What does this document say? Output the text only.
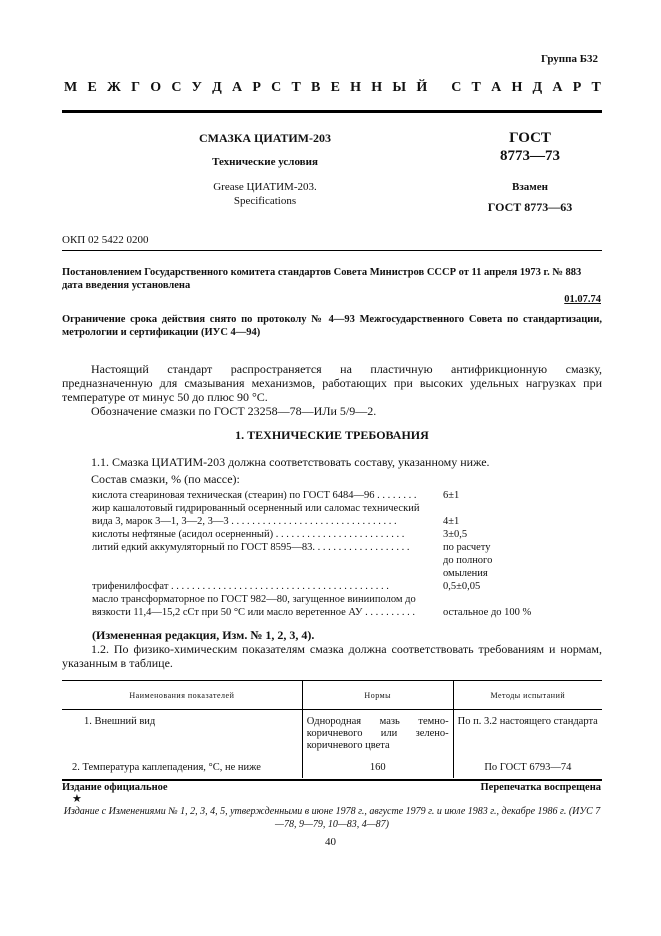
Группа Б32
М Е Ж Г О С У Д А Р С Т В Е Н Н Ы Й
С Т А Н Д А Р Т
СМАЗКА ЦИАТИМ-203
Технические условия
Grease ЦИАТИМ-203.
Specifications
ГОСТ
8773—73
Взамен
ГОСТ 8773—63
ОКП 02 5422 0200
Постановлением Государственного комитета стандартов Совета Министров СССР от 11 апреля 1973 г. № 883 дата введения установлена
01.07.74
Ограничение срока действия снято по протоколу № 4—93 Межгосударственного Совета по стандартизации, метрологии и сертификации (ИУС 4—94)
Настоящий стандарт распространяется на пластичную антифрикционную смазку, предназначенную для смазывания механизмов, работающих при высоких удельных нагрузках при температуре от минус 50 до плюс 90 °С.
Обозначение смазки по ГОСТ 23258—78—ИЛи 5/9—2.
1. ТЕХНИЧЕСКИЕ ТРЕБОВАНИЯ
1.1. Смазка ЦИАТИМ-203 должна соответствовать составу, указанному ниже.
Состав смазки, % (по массе):
кислота стеариновая техническая (стеарин) по ГОСТ 6484—96 . . . . . . . .	6±1
жир кашалотовый гидрированный осерненный или саломас технический

вида 3, марок 3—1, 3—2, 3—3 . . . . . . . . . . . . . . . . . . . . . . . . . . . . . . . .	4±1
кислоты нефтяные (асидол осерненный) . . . . . . . . . . . . . . . . . . . . . . . . .	3±0,5
литий едкий аккумуляторный по ГОСТ 8595—83. . . . . . . . . . . . . . . . . . .	по расчету

до полного

омыления
трифенилфосфат . . . . . . . . . . . . . . . . . . . . . . . . . . . . . . . . . . . . . . . . . .	0,5±0,05
масло трансформаторное по ГОСТ 982—80, загущенное винииполом до

вязкости 11,4—15,2 сСт при 50 °С или масло веретенное АУ . . . . . . . . . .	остальное до 100 %
(Измененная редакция, Изм. № 1, 2, 3, 4).
1.2. По физико-химическим показателям смазка должна соответствовать требованиям и нормам, указанным в таблице.
Наименования показателей	Нормы	Методы испытаний
1. Внешний вид	Однородная мазь темно-коричневого или зелено-коричневого цвета	По п. 3.2 настоящего стандарта
2. Температура каплепадения, °С, не ниже	160	По ГОСТ 6793—74
Издание официальное
★
Перепечатка воспрещена
Издание с Изменениями № 1, 2, 3, 4, 5, утвержденными в июне 1978 г., августе 1979 г. и июле 1983 г., декабре 1986 г. (ИУС 7—78, 9—79, 10—83, 4—87)
40
